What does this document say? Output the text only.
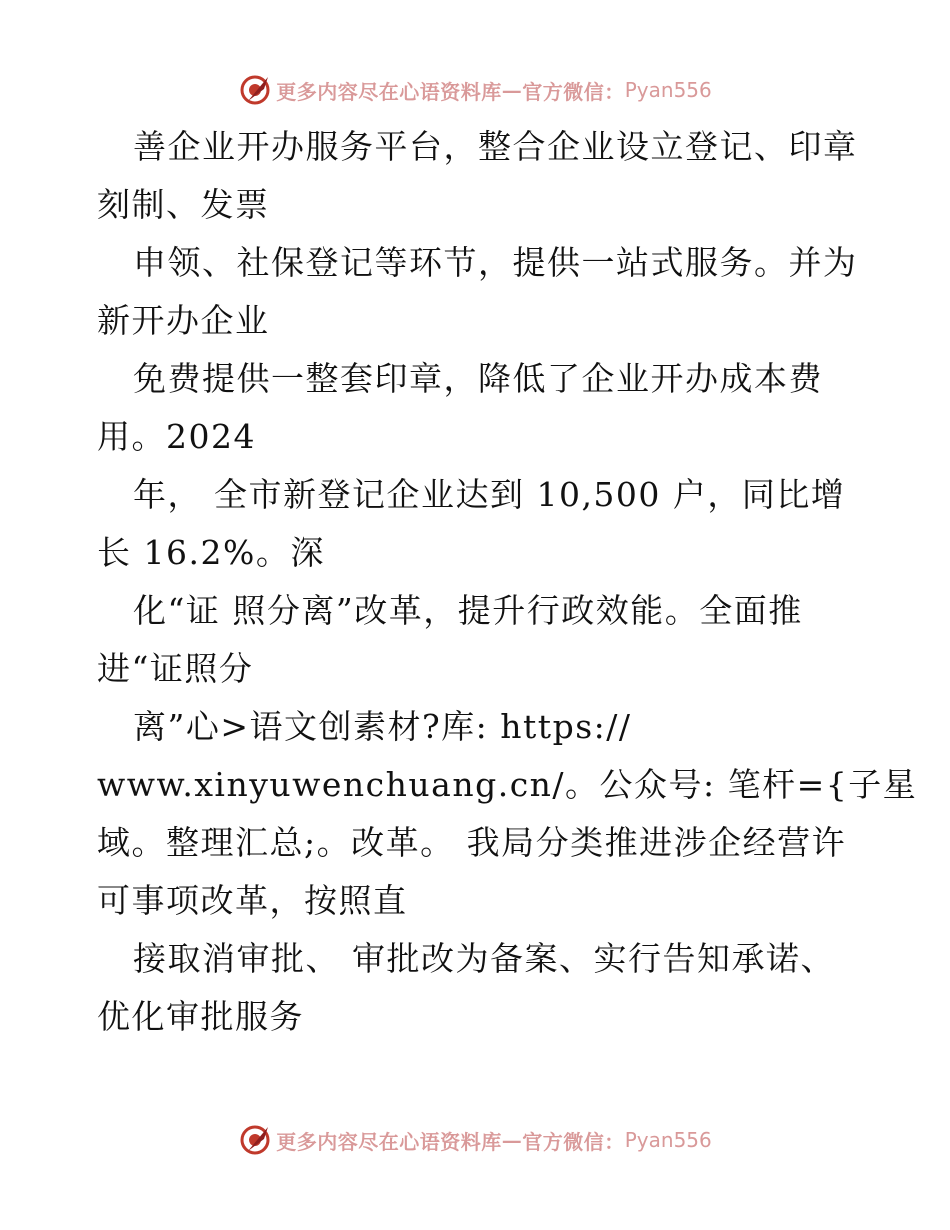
更多内容尽在心语资料库 — 官方微信： Pyan556
善企业开办服务平台，整合企业设立登记、印章
刻制、发票
申领、社保登记等环节，提供一站式服务。并为
新开办企业
免费提供一整套印章，降低了企业开办成本费
用。2024
年， 全市新登记企业达到 10,500 户，同比增
长 16.2%。深
化“证 照分离”改革，提升行政效能。全面推
进“证照分
离”心>语文创素材?库: https://
www.xinyuwenchuang.cn/。公众号: 笔杆={子星
域。整理汇总;。改革。 我局分类推进涉企经营许
可事项改革，按照直
接取消审批、 审批改为备案、实行告知承诺、
优化审批服务
更多内容尽在心语资料库 — 官方微信： Pyan556
